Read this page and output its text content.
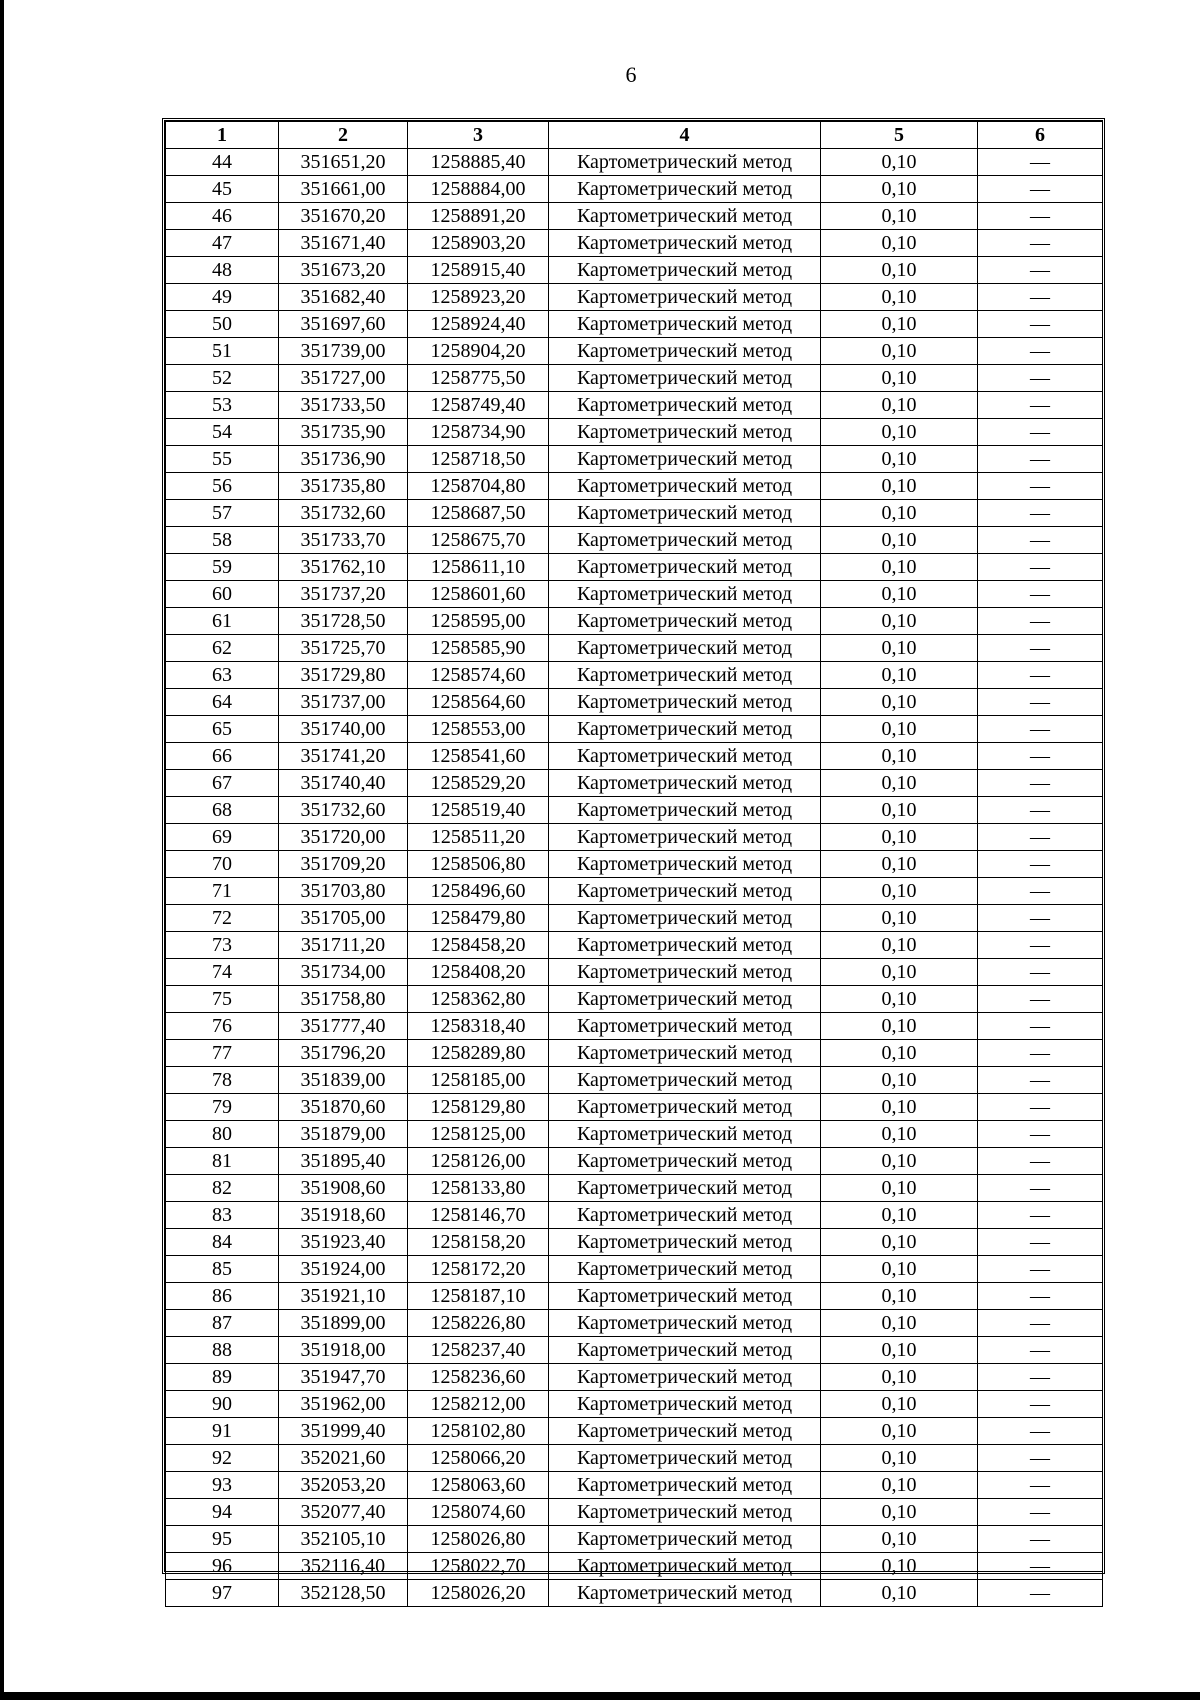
6
1	2	3	4	5	6
44	351651,20	1258885,40	Картометрический метод	0,10	—
45	351661,00	1258884,00	Картометрический метод	0,10	—
46	351670,20	1258891,20	Картометрический метод	0,10	—
47	351671,40	1258903,20	Картометрический метод	0,10	—
48	351673,20	1258915,40	Картометрический метод	0,10	—
49	351682,40	1258923,20	Картометрический метод	0,10	—
50	351697,60	1258924,40	Картометрический метод	0,10	—
51	351739,00	1258904,20	Картометрический метод	0,10	—
52	351727,00	1258775,50	Картометрический метод	0,10	—
53	351733,50	1258749,40	Картометрический метод	0,10	—
54	351735,90	1258734,90	Картометрический метод	0,10	—
55	351736,90	1258718,50	Картометрический метод	0,10	—
56	351735,80	1258704,80	Картометрический метод	0,10	—
57	351732,60	1258687,50	Картометрический метод	0,10	—
58	351733,70	1258675,70	Картометрический метод	0,10	—
59	351762,10	1258611,10	Картометрический метод	0,10	—
60	351737,20	1258601,60	Картометрический метод	0,10	—
61	351728,50	1258595,00	Картометрический метод	0,10	—
62	351725,70	1258585,90	Картометрический метод	0,10	—
63	351729,80	1258574,60	Картометрический метод	0,10	—
64	351737,00	1258564,60	Картометрический метод	0,10	—
65	351740,00	1258553,00	Картометрический метод	0,10	—
66	351741,20	1258541,60	Картометрический метод	0,10	—
67	351740,40	1258529,20	Картометрический метод	0,10	—
68	351732,60	1258519,40	Картометрический метод	0,10	—
69	351720,00	1258511,20	Картометрический метод	0,10	—
70	351709,20	1258506,80	Картометрический метод	0,10	—
71	351703,80	1258496,60	Картометрический метод	0,10	—
72	351705,00	1258479,80	Картометрический метод	0,10	—
73	351711,20	1258458,20	Картометрический метод	0,10	—
74	351734,00	1258408,20	Картометрический метод	0,10	—
75	351758,80	1258362,80	Картометрический метод	0,10	—
76	351777,40	1258318,40	Картометрический метод	0,10	—
77	351796,20	1258289,80	Картометрический метод	0,10	—
78	351839,00	1258185,00	Картометрический метод	0,10	—
79	351870,60	1258129,80	Картометрический метод	0,10	—
80	351879,00	1258125,00	Картометрический метод	0,10	—
81	351895,40	1258126,00	Картометрический метод	0,10	—
82	351908,60	1258133,80	Картометрический метод	0,10	—
83	351918,60	1258146,70	Картометрический метод	0,10	—
84	351923,40	1258158,20	Картометрический метод	0,10	—
85	351924,00	1258172,20	Картометрический метод	0,10	—
86	351921,10	1258187,10	Картометрический метод	0,10	—
87	351899,00	1258226,80	Картометрический метод	0,10	—
88	351918,00	1258237,40	Картометрический метод	0,10	—
89	351947,70	1258236,60	Картометрический метод	0,10	—
90	351962,00	1258212,00	Картометрический метод	0,10	—
91	351999,40	1258102,80	Картометрический метод	0,10	—
92	352021,60	1258066,20	Картометрический метод	0,10	—
93	352053,20	1258063,60	Картометрический метод	0,10	—
94	352077,40	1258074,60	Картометрический метод	0,10	—
95	352105,10	1258026,80	Картометрический метод	0,10	—
96	352116,40	1258022,70	Картометрический метод	0,10	—
97	352128,50	1258026,20	Картометрический метод	0,10	—
